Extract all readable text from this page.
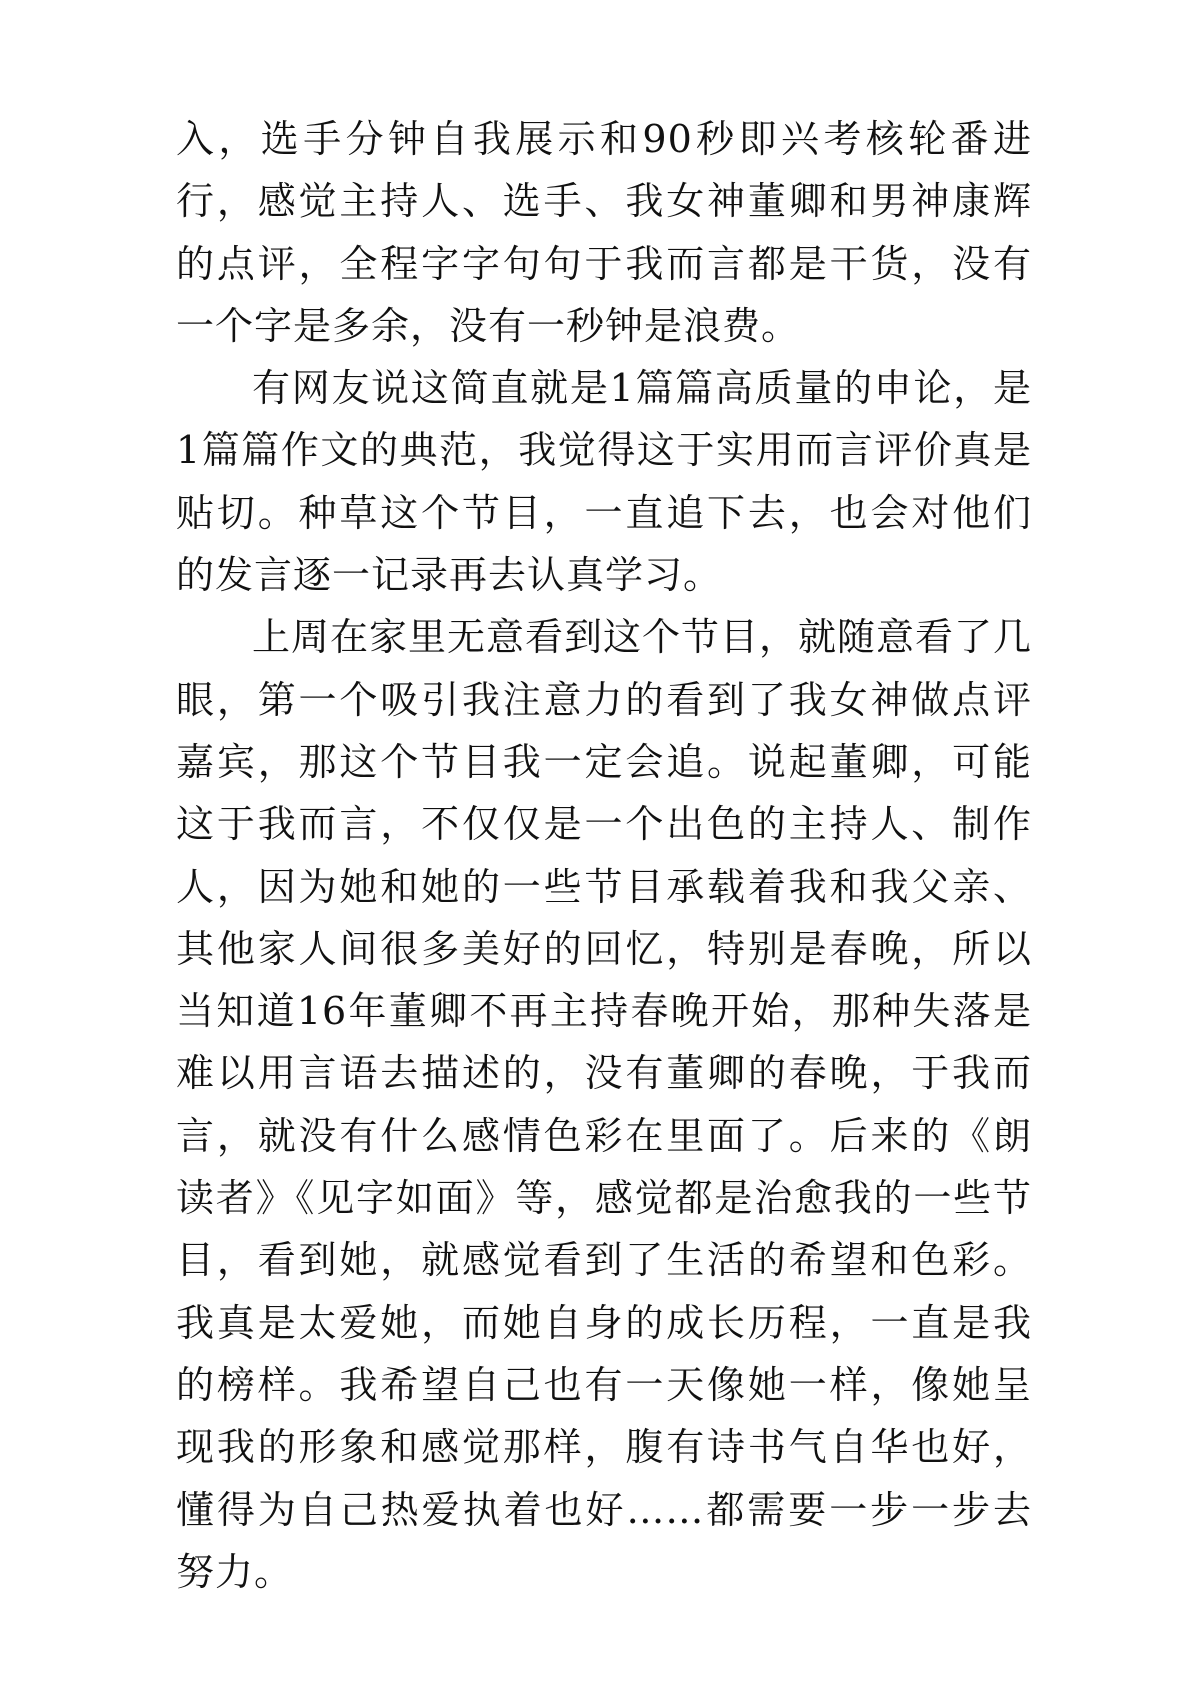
入，选手分钟自我展示和90秒即兴考核轮番进行，感觉主持人、选手、我女神董卿和男神康辉的点评，全程字字句句于我而言都是干货，没有一个字是多余，没有一秒钟是浪费。

有网友说这简直就是1篇篇高质量的申论，是1篇篇作文的典范，我觉得这于实用而言评价真是贴切。种草这个节目，一直追下去，也会对他们的发言逐一记录再去认真学习。

上周在家里无意看到这个节目，就随意看了几眼，第一个吸引我注意力的看到了我女神做点评嘉宾，那这个节目我一定会追。说起董卿，可能这于我而言，不仅仅是一个出色的主持人、制作人，因为她和她的一些节目承载着我和我父亲、其他家人间很多美好的回忆，特别是春晚，所以当知道16年董卿不再主持春晚开始，那种失落是难以用言语去描述的，没有董卿的春晚，于我而言，就没有什么感情色彩在里面了。后来的《朗读者》《见字如面》等，感觉都是治愈我的一些节目，看到她，就感觉看到了生活的希望和色彩。我真是太爱她，而她自身的成长历程，一直是我的榜样。我希望自己也有一天像她一样，像她呈现我的形象和感觉那样，腹有诗书气自华也好，懂得为自己热爱执着也好……都需要一步一步去努力。
